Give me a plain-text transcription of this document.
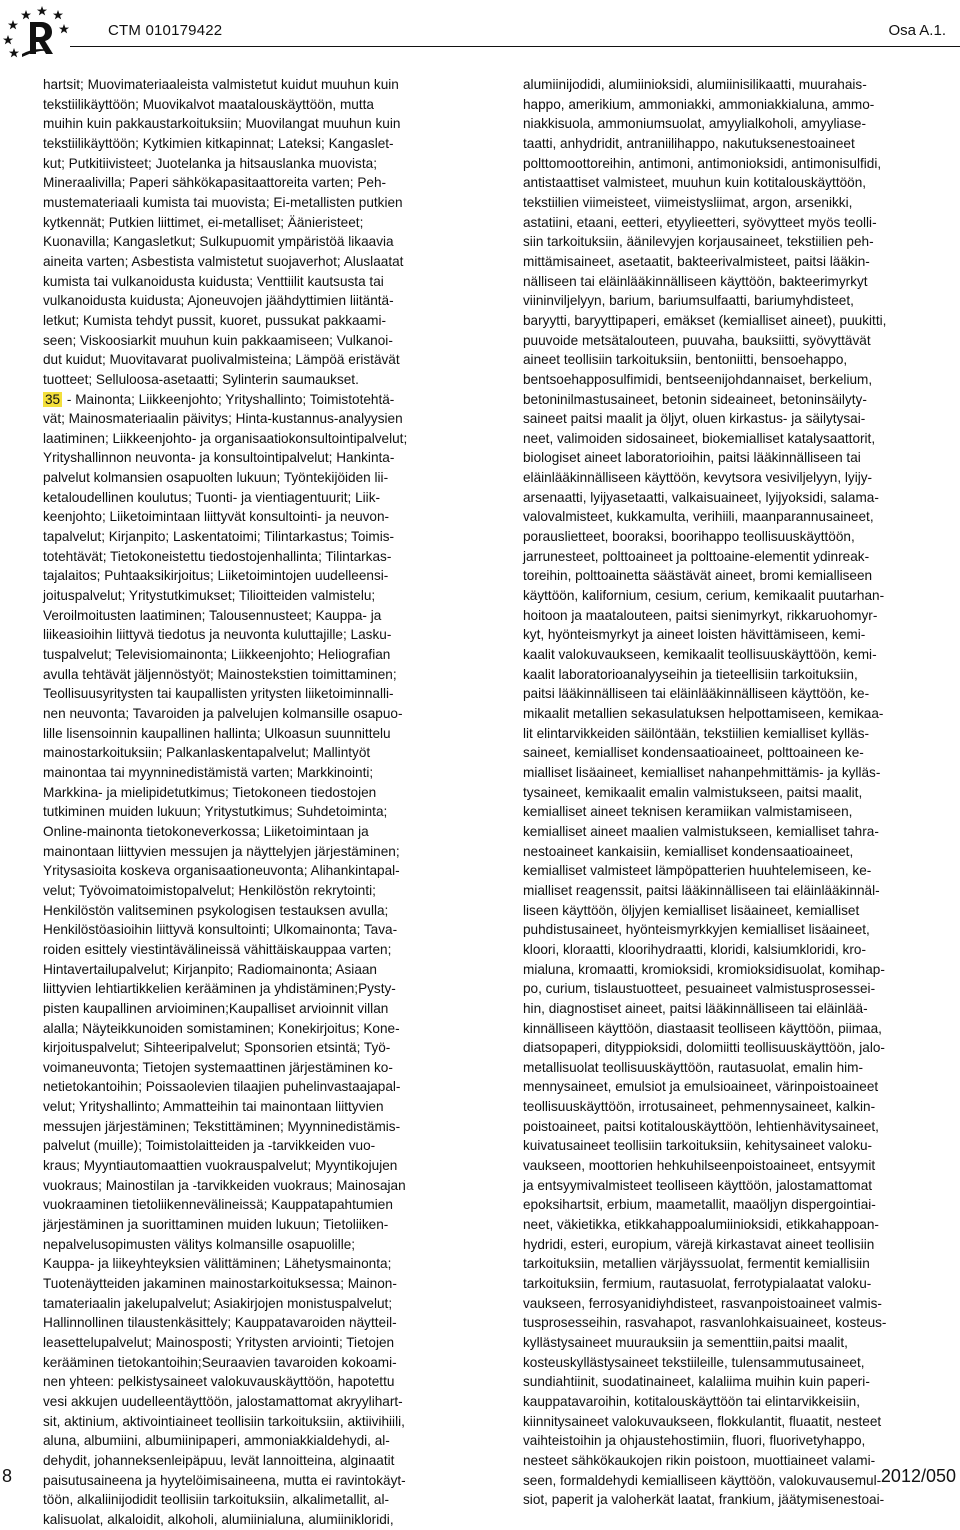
CTM 010179422	Osa A.1.
hartsit; Muovimateriaaleista valmistetut kuidut muuhun kuin
tekstiilikäyttöön; Muovikalvot maatalouskäyttöön, mutta
muihin kuin pakkaustarkoituksiin; Muovilangat muuhun kuin
tekstiilikäyttöön; Kytkimien kitkapinnat; Lateksi; Kangaslet-
kut; Putkitiivisteet; Juotelanka ja hitsauslanka muovista;
Mineraalivilla; Paperi sähkökapasitaattoreita varten; Peh-
mustemateriaali kumista tai muovista; Ei-metallisten putkien
kytkennät; Putkien liittimet, ei-metalliset; Äänieristeet;
Kuonavilla; Kangasletkut; Sulkupuomit ympäristöä likaavia
aineita varten; Asbestista valmistetut suojaverhot; Aluslaatat
kumista tai vulkanoidusta kuidusta; Venttiilit kautsusta tai
vulkanoidusta kuidusta; Ajoneuvojen jäähdyttimien liitäntä-
letkut; Kumista tehdyt pussit, kuoret, pussukat pakkaami-
seen; Viskoosiarkit muuhun kuin pakkaamiseen; Vulkanoi-
dut kuidut; Muovitavarat puolivalmisteina; Lämpöä eristävät
tuotteet; Selluloosa-asetaatti; Sylinterin saumaukset.
35 - Mainonta; Liikkeenjohto; Yrityshallinto; Toimistotehtä-
vät; Mainosmateriaalin päivitys; Hinta-kustannus-analyysien
laatiminen; Liikkeenjohto- ja organisaatiokonsultointipalvelut;
Yrityshallinnon neuvonta- ja konsultointipalvelut; Hankinta-
palvelut kolmansien osapuolten lukuun; Työntekijöiden lii-
ketaloudellinen koulutus; Tuonti- ja vientiagentuurit; Liik-
keenjohto; Liiketoimintaan liittyvät konsultointi- ja neuvon-
tapalvelut; Kirjanpito; Laskentatoimi; Tilintarkastus; Toimis-
totehtävät; Tietokoneistettu tiedostojenhallinta; Tilintarkas-
tajalaitos; Puhtaaksikirjoitus; Liiketoimintojen uudelleensi-
joituspalvelut; Yritystutkimukset; Tilioitteiden valmistelu;
Veroilmoitusten laatiminen; Talousennusteet; Kauppa- ja
liikeasioihin liittyvä tiedotus ja neuvonta kuluttajille; Lasku-
tuspalvelut; Televisiomainonta; Liikkeenjohto; Heliografian
avulla tehtävät jäljennöstyöt; Mainostekstien toimittaminen;
Teollisuusyritysten tai kaupallisten yritysten liiketoiminnalli-
nen neuvonta; Tavaroiden ja palvelujen kolmansille osapuo-
lille lisensoinnin kaupallinen hallinta; Ulkoasun suunnittelu
mainostarkoituksiin; Palkanlaskentapalvelut; Mallintyöt
mainontaa tai myynninedistämistä varten; Markkinointi;
Markkina- ja mielipidetutkimus; Tietokoneen tiedostojen
tutkiminen muiden lukuun; Yritystutkimus; Suhdetoiminta;
Online-mainonta tietokoneverkossa; Liiketoimintaan ja
mainontaan liittyvien messujen ja näyttelyjen järjestäminen;
Yritysasioita koskeva organisaationeuvonta; Alihankintapal-
velut; Työvoimatoimistopalvelut; Henkilöstön rekrytointi;
Henkilöstön valitseminen psykologisen testauksen avulla;
Henkilöstöasioihin liittyvä konsultointi; Ulkomainonta; Tava-
roiden esittely viestintävälineissä vähittäiskauppaa varten;
Hintavertailupalvelut; Kirjanpito; Radiomainonta; Asiaan
liittyvien lehtiartikkelien kerääminen ja yhdistäminen;Pysty-
pisten kaupallinen arvioiminen;Kaupalliset arvioinnit villan
alalla; Näyteikkunoiden somistaminen; Konekirjoitus; Kone-
kirjoituspalvelut; Sihteeripalvelut; Sponsorien etsintä; Työ-
voimaneuvonta; Tietojen systemaattinen järjestäminen ko-
netietokantoihin; Poissaolevien tilaajien puhelinvastaajapal-
velut; Yrityshallinto; Ammatteihin tai mainontaan liittyvien
messujen järjestäminen; Tekstittäminen; Myynninedistämis-
palvelut (muille); Toimistolaitteiden ja -tarvikkeiden vuo-
kraus; Myyntiautomaattien vuokrauspalvelut; Myyntikojujen
vuokraus; Mainostilan ja -tarvikkeiden vuokraus; Mainosajan
vuokraaminen tietoliikennevälineissä; Kauppatapahtumien
järjestäminen ja suorittaminen muiden lukuun; Tietoliiken-
nepalvelusopimusten välitys kolmansille osapuolille;
Kauppa- ja liikeyhteyksien välittäminen; Lähetysmainonta;
Tuotenäytteiden jakaminen mainostarkoituksessa; Mainon-
tamateriaalin jakelupalvelut; Asiakirjojen monistuspalvelut;
Hallinnollinen tilaustenkäsittely; Kauppatavaroiden näytteil-
leasettelupalvelut; Mainosposti; Yritysten arviointi; Tietojen
kerääminen tietokantoihin;Seuraavien tavaroiden kokoami-
nen yhteen: pelkistysaineet valokuvauskäyttöön, hapotettu
vesi akkujen uudelleentäyttöön, jalostamattomat akryylihart-
sit, aktinium, aktivointiaineet teollisiin tarkoituksiin, aktiivihiili,
aluna, albumiini, albumiinipaperi, ammoniakkialdehydi, al-
dehydit, johanneksenleipäpuu, levät lannoitteina, alginaatit
paisutusaineena ja hyytelöimisaineena, mutta ei ravintokäyt-
töön, alkaliinijodidit teollisiin tarkoituksiin, alkalimetallit, al-
kalisuolat, alkaloidit, alkoholi, alumiinialuna, alumiinikloridi,
alumiinijodidi, alumiinioksidi, alumiinisilikaatti, muurahais-
happo, amerikium, ammoniakki, ammoniakkialuna, ammo-
niakkisuola, ammoniumsuolat, amyylialkoholi, amyyliase-
taatti, anhydridit, antraniilihappo, nakutuksenestoaineet
polttomoottoreihin, antimoni, antimonioksidi, antimonisulfidi,
antistaattiset valmisteet, muuhun kuin kotitalouskäyttöön,
tekstiilien viimeisteet, viimeistysliimat, argon, arsenikki,
astatiini, etaani, eetteri, etyylieetteri, syövytteet myös teolli-
siin tarkoituksiin, äänilevyjen korjausaineet, tekstiilien peh-
mittämisaineet, asetaatit, bakteerivalmisteet, paitsi lääkin-
nälliseen tai eläinlääkinnälliseen käyttöön, bakteerimyrkyt
viininviljelyyn, barium, bariumsulfaatti, bariumyhdisteet,
baryytti, baryyttipaperi, emäkset (kemialliset aineet), puukitti,
puuvoide metsätalouteen, puuvaha, bauksiitti, syövyttävät
aineet teollisiin tarkoituksiin, bentoniitti, bensoehappo,
bentsoehapposulfimidi, bentseenijohdannaiset, berkelium,
betoninilmastusaineet, betonin sideaineet, betoninsäilyty-
saineet paitsi maalit ja öljyt, oluen kirkastus- ja säilytysai-
neet, valimoiden sidosaineet, biokemialliset katalysaattorit,
biologiset aineet laboratorioihin, paitsi lääkinnälliseen tai
eläinlääkinnälliseen käyttöön, kevytsora vesiviljelyyn, lyijy-
arsenaatti, lyijyasetaatti, valkaisuaineet, lyijyoksidi, salama-
valovalmisteet, kukkamulta, verihiili, maanparannusaineet,
porauslietteet, booraksi, boorihappo teollisuuskäyttöön,
jarrunesteet, polttoaineet ja polttoaine-elementit ydinreak-
toreihin, polttoainetta säästävät aineet, bromi kemialliseen
käyttöön, kalifornium, cesium, cerium, kemikaalit puutarhan-
hoitoon ja maatalouteen, paitsi sienimyrkyt, rikkaruohomyr-
kyt, hyönteismyrkyt ja aineet loisten hävittämiseen, kemi-
kaalit valokuvaukseen, kemikaalit teollisuuskäyttöön, kemi-
kaalit laboratorioanalyyseihin ja tieteellisiin tarkoituksiin,
paitsi lääkinnälliseen tai eläinlääkinnälliseen käyttöön, ke-
mikaalit metallien sekasulatuksen helpottamiseen, kemikaa-
lit elintarvikkeiden säilöntään, tekstiilien kemialliset kylläs-
saineet, kemialliset kondensaatioaineet, polttoaineen ke-
mialliset lisäaineet, kemialliset nahanpehmittämis- ja kylläs-
tysaineet, kemikaalit emalin valmistukseen, paitsi maalit,
kemialliset aineet teknisen keramiikan valmistamiseen,
kemialliset aineet maalien valmistukseen, kemialliset tahra-
nestoaineet kankaisiin, kemialliset kondensaatioaineet,
kemialliset valmisteet lämpöpatterien huuhtelemiseen, ke-
mialliset reagenssit, paitsi lääkinnälliseen tai eläinlääkinnäl-
liseen käyttöön, öljyjen kemialliset lisäaineet, kemialliset
puhdistusaineet, hyönteismyrkkyjen kemialliset lisäaineet,
kloori, kloraatti, kloorihydraatti, kloridi, kalsiumkloridi, kro-
mialuna, kromaatti, kromioksidi, kromioksidisuolat, komihap-
po, curium, tislaustuotteet, pesuaineet valmistusprosessei-
hin, diagnostiset aineet, paitsi lääkinnälliseen tai eläinlää-
kinnälliseen käyttöön, diastaasit teolliseen käyttöön, piimaa,
diatsopaperi, dityppioksidi, dolomiitti teollisuuskäyttöön, jalo-
metallisuolat teollisuuskäyttöön, rautasuolat, emalin him-
mennysaineet, emulsiot ja emulsioaineet, värinpoistoaineet
teollisuuskäyttöön, irrotusaineet, pehmennysaineet, kalkin-
poistoaineet, paitsi kotitalouskäyttöön, lehtienhävitysaineet,
kuivatusaineet teollisiin tarkoituksiin, kehitysaineet valoku-
vaukseen, moottorien hehkuhilseenpoistoaineet, entsyymit
ja entsyymivalmisteet teolliseen käyttöön, jalostamattomat
epoksihartsit, erbium, maametallit, maaöljyn dispergointiai-
neet, väkietikka, etikkahappoalumiinioksidi, etikkahappoan-
hydridi, esteri, europium, värejä kirkastavat aineet teollisiin
tarkoituksiin, metallien värjäyssuolat, fermentit kemiallisiin
tarkoituksiin, fermium, rautasuolat, ferrotypialaatat valoku-
vaukseen, ferrosyanidiyhdisteet, rasvanpoistoaineet valmis-
tusprosesseihin, rasvahapot, rasvanlohkaisuaineet, kosteus-
kyllästysaineet muurauksiin ja sementtiin,paitsi maalit,
kosteuskyllästysaineet tekstiileille, tulensammutusaineet,
sundiahtiinit, suodatinaineet, kalaliima muihin kuin paperi-
kauppatavaroihin, kotitalouskäyttöön tai elintarvikkeisiin,
kiinnitysaineet valokuvaukseen, flokkulantit, fluaatit, nesteet
vaihteistoihin ja ohjaustehostimiin, fluori, fluorivetyhappo,
nesteet sähkökaukojen rikin poistoon, muottiaineet valami-
seen, formaldehydi kemialliseen käyttöön, valokuvausemul-
siot, paperit ja valoherkät laatat, frankium, jäätymisenestoai-
8	2012/050
